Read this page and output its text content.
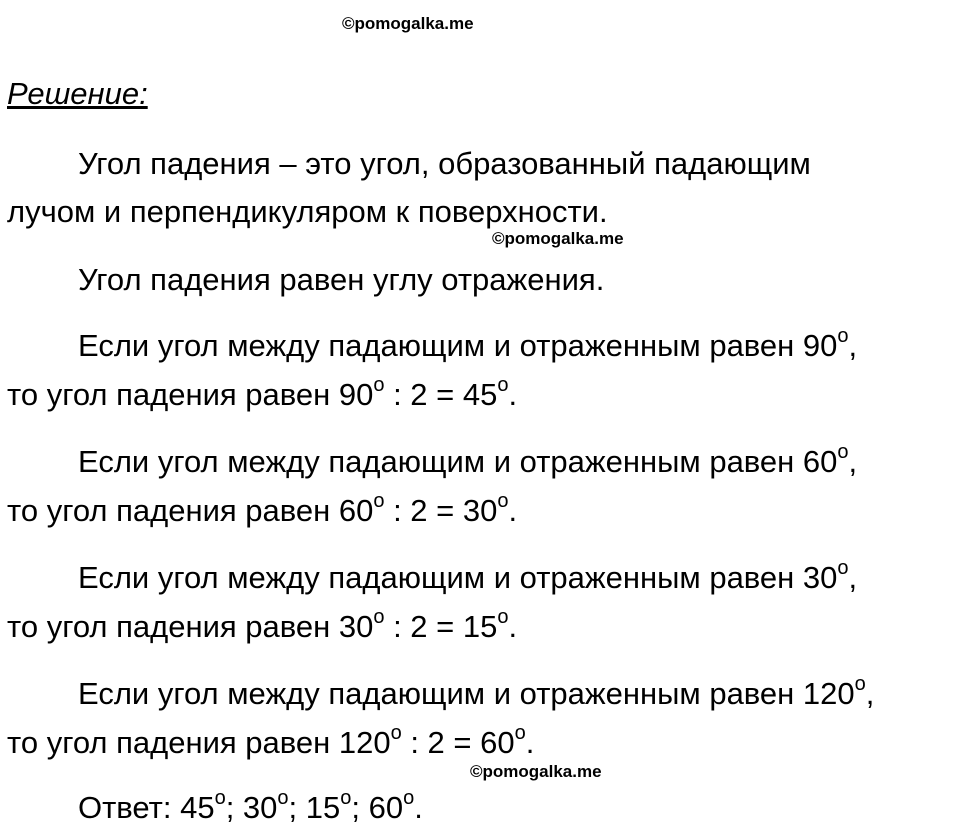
©pomogalka.me
Решение:
Угол падения – это угол, образованный падающим
лучом и перпендикуляром к поверхности.
©pomogalka.me
Угол падения равен углу отражения.
Если угол между падающим и отраженным равен $90^о$,
то угол падения равен $90^о$ : $2 = 45^о$.
Если угол между падающим и отраженным равен $60^о$,
то угол падения равен $60^о$ : $2 = 30^о$.
Если угол между падающим и отраженным равен $30^о$,
то угол падения равен $30^о$ : $2 = 15^о$.
Если угол между падающим и отраженным равен $120^о$,
то угол падения равен $120^о$ : $2 = 60^о$.
©pomogalka.me
Ответ: $45^о$; $30^о$; $15^о$; $60^о$.
